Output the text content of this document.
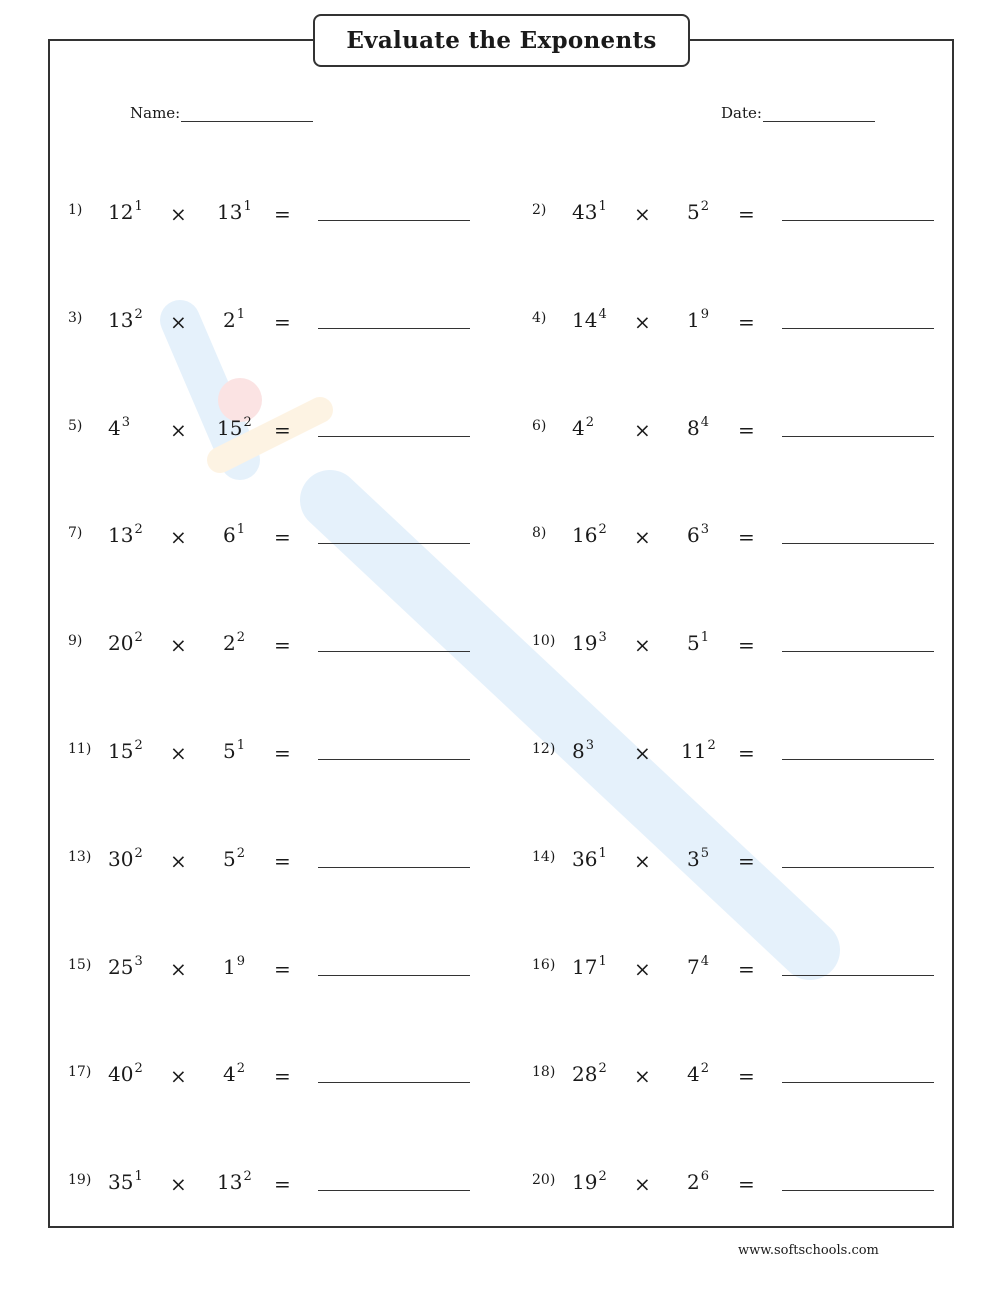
Evaluate the Exponents
Name:	Date:
1) $12^1 \times 13^1$ =	2) $43^1 \times 5^2$ =
3) $13^2 \times 2^1$ =	4) $14^4 \times 1^9$ =
5) $4^3 \times 15^2$ =	6) $4^2 \times 8^4$ =
7) $13^2 \times 6^1$ =	8) $16^2 \times 6^3$ =
9) $20^2 \times 2^2$ =	10) $19^3 \times 5^1$ =
11) $15^2 \times 5^1$ =	12) $8^3 \times 11^2$ =
13) $30^2 \times 5^2$ =	14) $36^1 \times 3^5$ =
15) $25^3 \times 1^9$ =	16) $17^1 \times 7^4$ =
17) $40^2 \times 4^2$ =	18) $28^2 \times 4^2$ =
19) $35^1 \times 13^2$ =	20) $19^2 \times 2^6$ =
www.softschools.com
